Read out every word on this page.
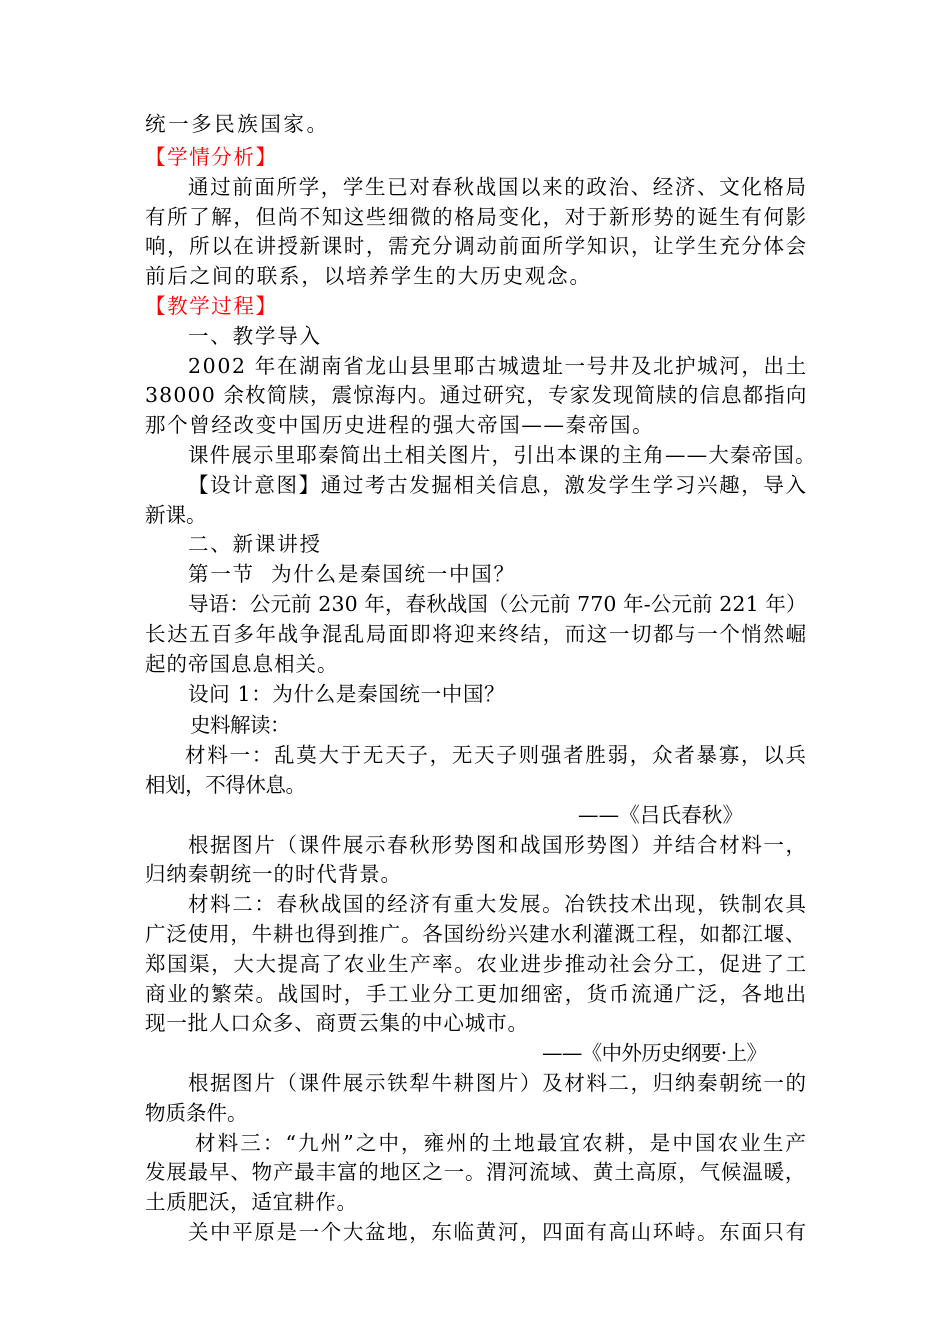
统一多民族国家。
【学情分析】
通过前面所学，学生已对春秋战国以来的政治、经济、文化格局
有所了解，但尚不知这些细微的格局变化，对于新形势的诞生有何影
响，所以在讲授新课时，需充分调动前面所学知识，让学生充分体会
前后之间的联系，以培养学生的大历史观念。
【教学过程】
一、教学导入
2002 年在湖南省龙山县里耶古城遗址一号井及北护城河，出土
38000 余枚简牍，震惊海内。通过研究，专家发现简牍的信息都指向
那个曾经改变中国历史进程的强大帝国——秦帝国。
课件展示里耶秦简出土相关图片，引出本课的主角——大秦帝国。
【设计意图】通过考古发掘相关信息，激发学生学习兴趣，导入
新课。
二、新课讲授
第一节  为什么是秦国统一中国？
导语：公元前 230 年，春秋战国（公元前 770 年-公元前 221 年）
长达五百多年战争混乱局面即将迎来终结，而这一切都与一个悄然崛
起的帝国息息相关。
设问 1：为什么是秦国统一中国？
史料解读：
材料一：乱莫大于无天子，无天子则强者胜弱，众者暴寡，以兵
相划，不得休息。
——《吕氏春秋》
根据图片（课件展示春秋形势图和战国形势图）并结合材料一，
归纳秦朝统一的时代背景。
材料二：春秋战国的经济有重大发展。冶铁技术出现，铁制农具
广泛使用，牛耕也得到推广。各国纷纷兴建水利灌溉工程，如都江堰、
郑国渠，大大提高了农业生产率。农业进步推动社会分工，促进了工
商业的繁荣。战国时，手工业分工更加细密，货币流通广泛，各地出
现一批人口众多、商贾云集的中心城市。
——《中外历史纲要·上》
根据图片（课件展示铁犁牛耕图片）及材料二，归纳秦朝统一的
物质条件。
材料三：“九州”之中，雍州的土地最宜农耕，是中国农业生产
发展最早、物产最丰富的地区之一。渭河流域、黄土高原，气候温暖，
土质肥沃，适宜耕作。
关中平原是一个大盆地，东临黄河，四面有高山环峙。东面只有
